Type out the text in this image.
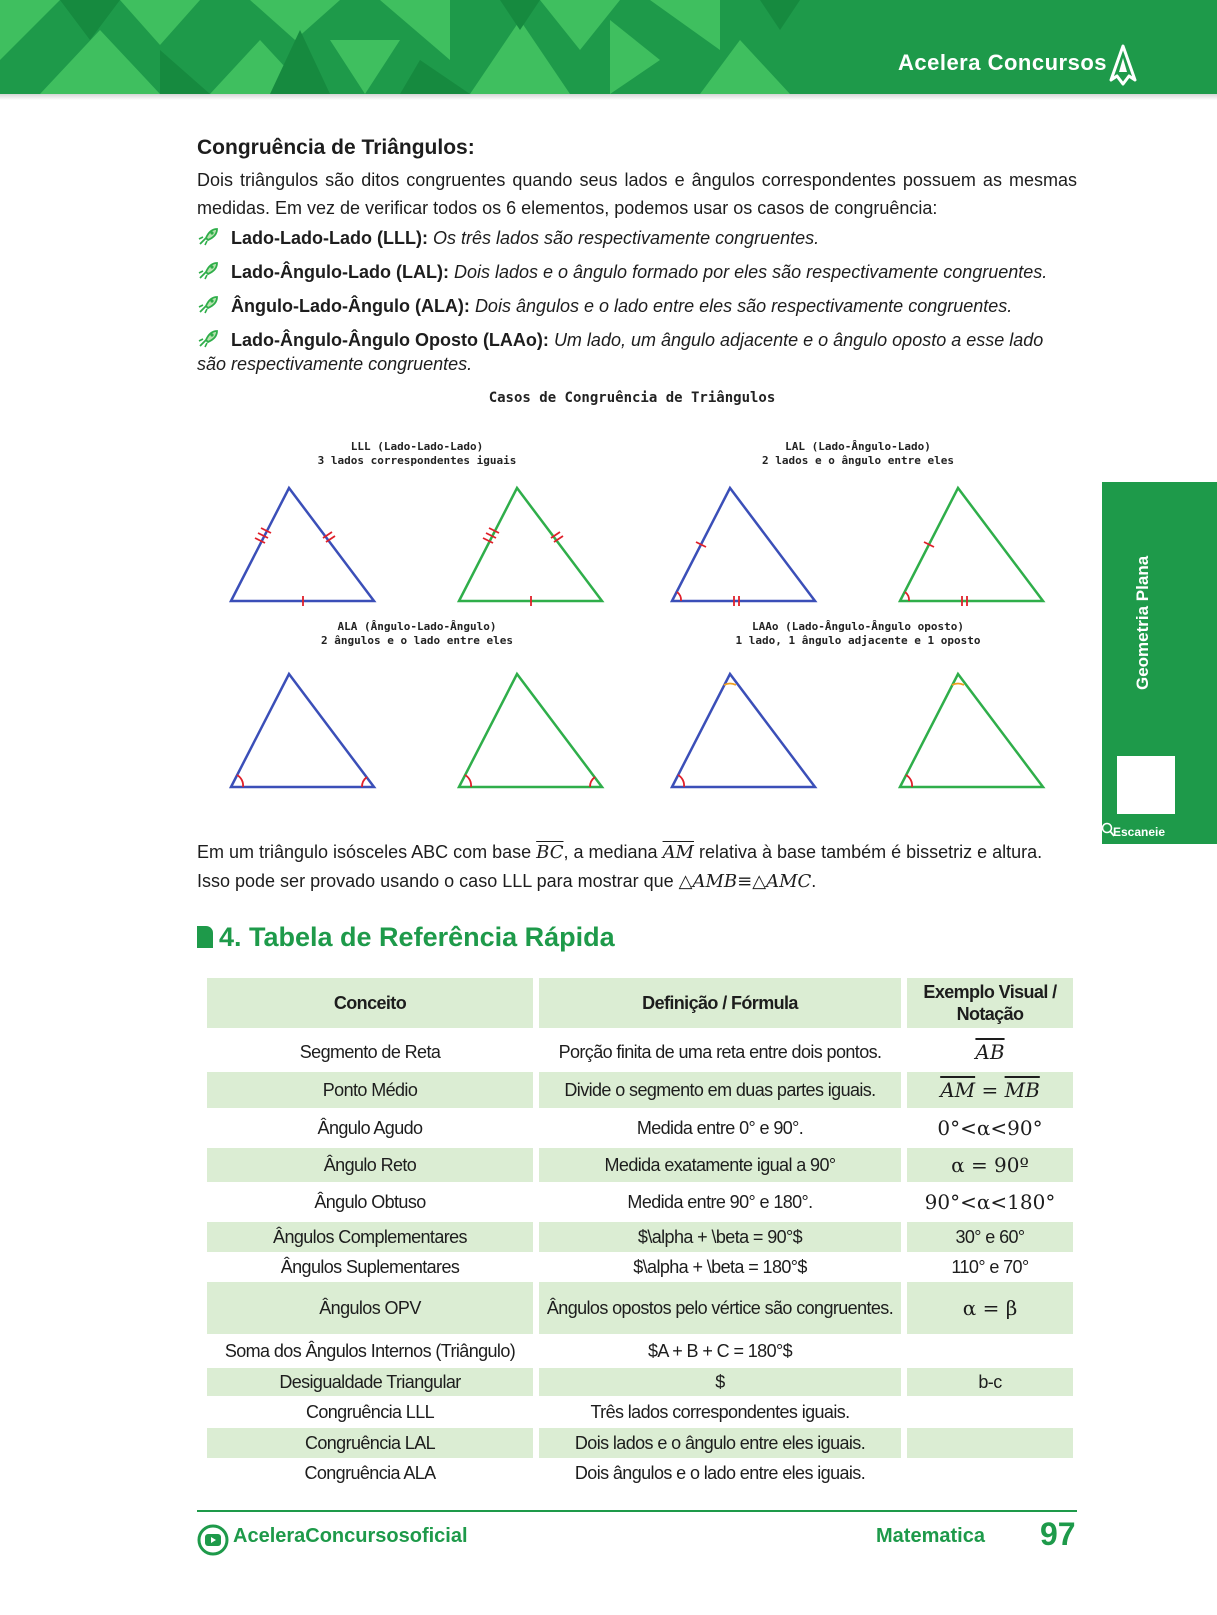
Acelera Concursos
Geometria Plana
Escaneie
Congruência de Triângulos:

Dois triângulos são ditos congruentes quando seus lados e ângulos correspondentes possuem as mesmas medidas. Em vez de verificar todos os 6 elementos, podemos usar os casos de congruência:

Lado-Lado-Lado (LLL): Os três lados são respectivamente congruentes.
Lado-Ângulo-Lado (LAL): Dois lados e o ângulo formado por eles são respectivamente congruentes.
Ângulo-Lado-Ângulo (ALA): Dois ângulos e o lado entre eles são respectivamente congruentes.
Lado-Ângulo-Ângulo Oposto (LAAo): Um lado, um ângulo adjacente e o ângulo oposto a esse lado são respectivamente congruentes.
Casos de Congruência de Triângulos
LLL (Lado-Lado-Lado)
3 lados correspondentes iguais
LAL (Lado-Ângulo-Lado)
2 lados e o ângulo entre eles
ALA (Ângulo-Lado-Ângulo)
2 ângulos e o lado entre eles
LAAo (Lado-Ângulo-Ângulo oposto)
1 lado, 1 ângulo adjacente e 1 oposto
Em um triângulo isósceles ABC com base $\overline{BC}$, a mediana $\overline{AM}$ relativa à base também é bissetriz e altura.
Isso pode ser provado usando o caso LLL para mostrar que △AMB≡△AMC.
4. Tabela de Referência Rápida
Conceito	Definição / Fórmula	Exemplo Visual / Notação
Segmento de Reta	Porção finita de uma reta entre dois pontos.	$\overline{AB}$
Ponto Médio	Divide o segmento em duas partes iguais.	$\overline{AM} = \overline{MB}$
Ângulo Agudo	Medida entre 0° e 90°.	0°<α<90°
Ângulo Reto	Medida exatamente igual a 90°	α = 90º
Ângulo Obtuso	Medida entre 90° e 180°.	90°<α<180°
Ângulos Complementares	$\alpha + \beta = 90°$	30° e 60°
Ângulos Suplementares	$\alpha + \beta = 180°$	110° e 70°
Ângulos OPV	Ângulos opostos pelo vértice são congruentes.	α = β
Soma dos Ângulos Internos (Triângulo)	$A + B + C = 180°$	
Desigualdade Triangular	$	b-c
Congruência LLL	Três lados correspondentes iguais.	
Congruência LAL	Dois lados e o ângulo entre eles iguais.	
Congruência ALA	Dois ângulos e o lado entre eles iguais.	
AceleraConcursosoficial	Matematica 97
